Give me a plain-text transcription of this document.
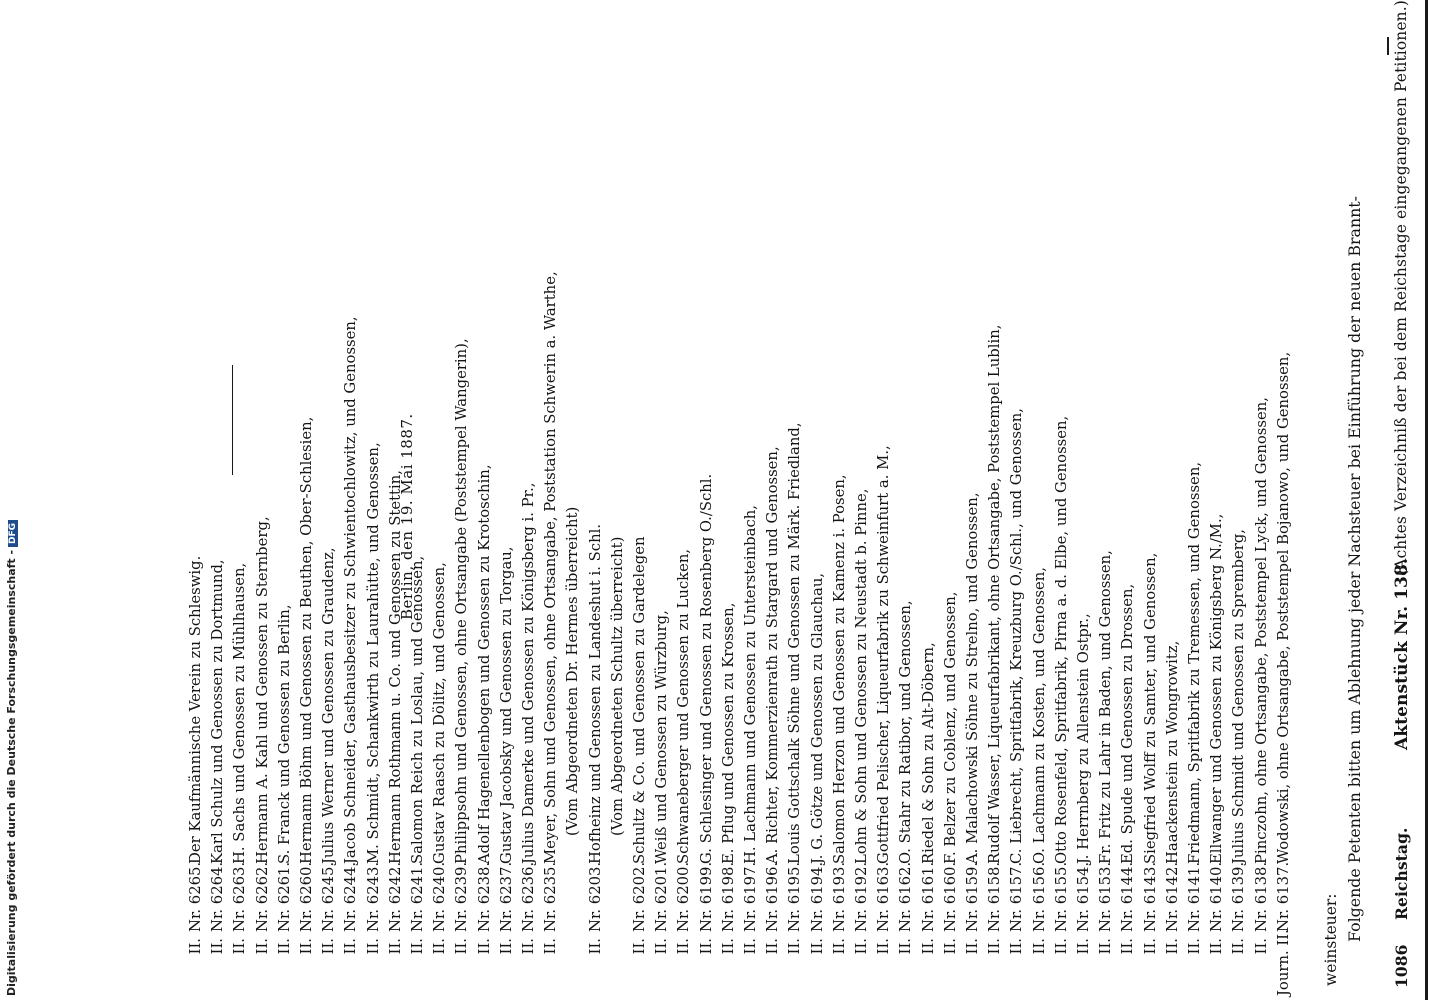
1086
Reichstag.
Aktenstück Nr. 138.
(Achtes Verzeichniß der bei dem Reichstage eingegangenen Petitionen.)
Folgende Petenten bitten um Ablehnung jeder Nachsteuer bei Einführung der neuen Brannt-
weinsteuer:
Journ. II.
Nr. 6137.
Wodowski, ohne Ortsangabe, Poststempel Bojanowo, und Genossen,
II.
Nr. 6138.
Pinczohn, ohne Ortsangabe, Poststempel Lyck, und Genossen,
II.
Nr. 6139.
Julius Schmidt und Genossen zu Spremberg,
II.
Nr. 6140.
Ellwanger und Genossen zu Königsberg N./M.,
II.
Nr. 6141.
Friedmann, Spritfabrik zu Tremessen, und Genossen,
II.
Nr. 6142.
Haackenstein zu Wongrowitz,
II.
Nr. 6143.
Siegfried Wolff zu Samter, und Genossen,
II.
Nr. 6144.
Ed. Spude und Genossen zu Drossen,
II.
Nr. 6153.
Fr. Fritz zu Lahr in Baden, und Genossen,
II.
Nr. 6154.
J. Herrnberg zu Allenstein Ostpr.,
II.
Nr. 6155.
Otto Rosenfeld, Spritfabrik, Pirna a. d. Elbe, und Genossen,
II.
Nr. 6156.
O. Lachmann zu Kosten, und Genossen,
II.
Nr. 6157.
C. Liebrecht, Spritfabrik, Kreuzburg O./Schl., und Genossen,
II.
Nr. 6158.
Rudolf Wasser, Liqueurfabrikant, ohne Ortsangabe, Poststempel Lublin,
II.
Nr. 6159.
A. Malachowski Söhne zu Strelno, und Genossen,
II.
Nr. 6160.
F. Belzer zu Coblenz, und Genossen,
II.
Nr. 6161.
Riedel & Sohn zu Alt-Döbern,
II.
Nr. 6162.
O. Stahr zu Ratibor, und Genossen,
II.
Nr. 6163.
Gottfried Pelischer, Liqueurfabrik zu Schweinfurt a. M.,
II.
Nr. 6192.
Lohn & Sohn und Genossen zu Neustadt b. Pinne,
II.
Nr. 6193.
Salomon Herzon und Genossen zu Kamenz i. Posen,
II.
Nr. 6194.
J. G. Götze und Genossen zu Glauchau,
II.
Nr. 6195.
Louis Gottschalk Söhne und Genossen zu Märk. Friedland,
II.
Nr. 6196.
A. Richter, Kommerzienrath zu Stargard und Genossen,
II.
Nr. 6197.
H. Lachmann und Genossen zu Untersteinbach,
II.
Nr. 6198.
E. Pflug und Genossen zu Krossen,
II.
Nr. 6199.
G. Schlesinger und Genossen zu Rosenberg O./Schl.
II.
Nr. 6200.
Schwaneberger und Genossen zu Lucken,
II.
Nr. 6201.
Weiß und Genossen zu Würzburg,
II.
Nr. 6202.
Schultz & Co. und Genossen zu Gardelegen
(Vom Abgeordneten Schultz überreicht)
II.
Nr. 6203.
Hofheinz und Genossen zu Landeshut i. Schl.
(Vom Abgeordneten Dr. Hermes überreicht)
II.
Nr. 6235.
Meyer, Sohn und Genossen, ohne Ortsangabe, Poststation Schwerin a. Warthe,
II.
Nr. 6236.
Julius Damerke und Genossen zu Königsberg i. Pr.,
II.
Nr. 6237.
Gustav Jacobsky und Genossen zu Torgau,
II.
Nr. 6238.
Adolf Hagenellenbogen und Genossen zu Krotoschin,
II.
Nr. 6239.
Philippsohn und Genossen, ohne Ortsangabe (Poststempel Wangerin),
II.
Nr. 6240.
Gustav Raasch zu Dölitz, und Genossen,
II.
Nr. 6241.
Salomon Reich zu Loslau, und Genossen,
II.
Nr. 6242.
Hermann Rothmann u. Co. und Genossen zu Stettin,
II.
Nr. 6243.
M. Schmidt, Schankwirth zu Laurahütte, und Genossen,
II.
Nr. 6244.
Jacob Schneider, Gasthausbesitzer zu Schwientochlowitz, und Genossen,
II.
Nr. 6245.
Julius Werner und Genossen zu Graudenz,
II.
Nr. 6260.
Hermann Böhm und Genossen zu Beuthen, Ober-Schlesien,
II.
Nr. 6261.
S. Franck und Genossen zu Berlin,
II.
Nr. 6262.
Hermann A. Kahl und Genossen zu Sternberg,
II.
Nr. 6263.
H. Sachs und Genossen zu Mühlhausen,
II.
Nr. 6264.
Karl Schulz und Genossen zu Dortmund,
II.
Nr. 6265.
Der Kaufmännische Verein zu Schleswig.
Berlin, den 19. Mai 1887.
Digitalisierung gefördert durch die Deutsche Forschungsgemeinschaft -DFG
